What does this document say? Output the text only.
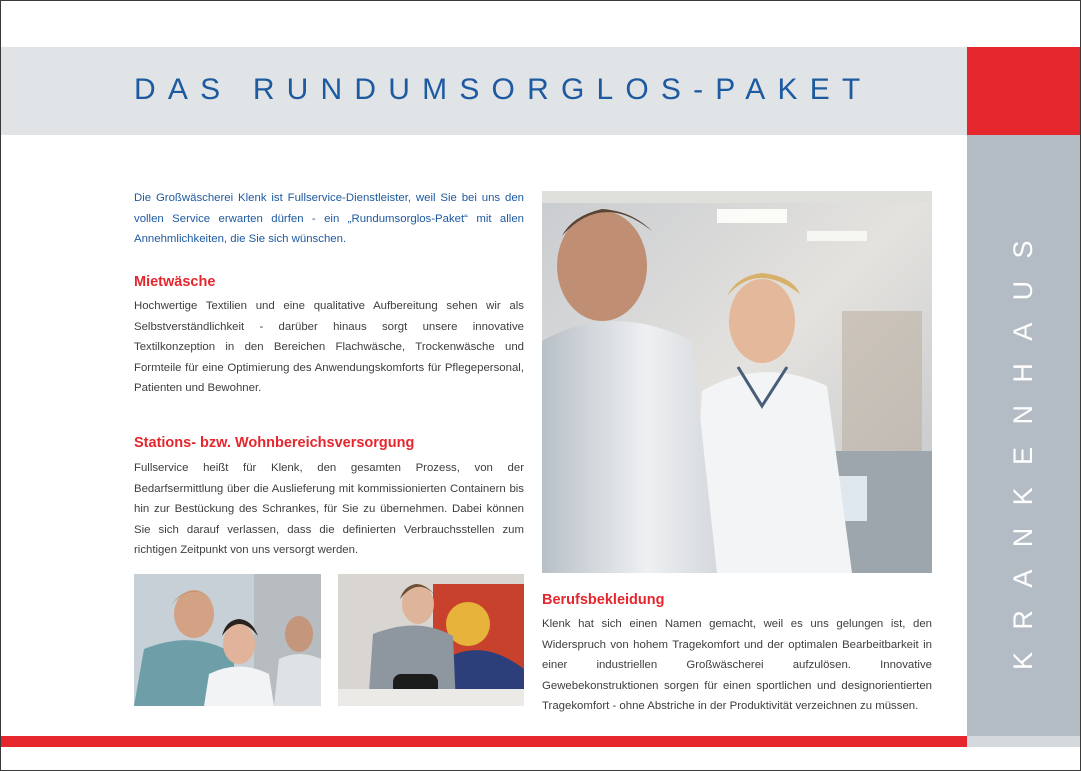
DAS RUNDUMSORGLOS-PAKET
KRANKENHAUS

Die Großwäscherei Klenk ist Fullservice-Dienstleister, weil Sie bei uns den vollen Service erwarten dürfen - ein „Rundumsorglos-Paket“ mit allen Annehmlichkeiten, die Sie sich wünschen.

Mietwäsche

Hochwertige Textilien und eine qualitative Aufbereitung sehen wir als Selbstverständlichkeit - darüber hinaus sorgt unsere innovative Textilkonzeption in den Bereichen Flachwäsche, Trockenwäsche und Formteile für eine Optimierung des Anwendungskomforts für Pflegepersonal, Patienten und Bewohner.

Stations- bzw. Wohnbereichsversorgung

Fullservice heißt für Klenk, den gesamten Prozess, von der Bedarfsermittlung über die Auslieferung mit kommissionierten Containern bis hin zur Bestückung des Schrankes, für Sie zu übernehmen. Dabei können Sie sich darauf verlassen, dass die definierten Verbrauchsstellen zum richtigen Zeitpunkt von uns versorgt werden.

Berufsbekleidung

Klenk hat sich einen Namen gemacht, weil es uns gelungen ist, den Widerspruch von hohem Tragekomfort und der optimalen Bearbeitbarkeit in einer industriellen Großwäscherei aufzulösen. Innovative Gewebekonstruktionen sorgen für einen sportlichen und designorientierten Tragekomfort - ohne Abstriche in der Produktivität verzeichnen zu müssen.
